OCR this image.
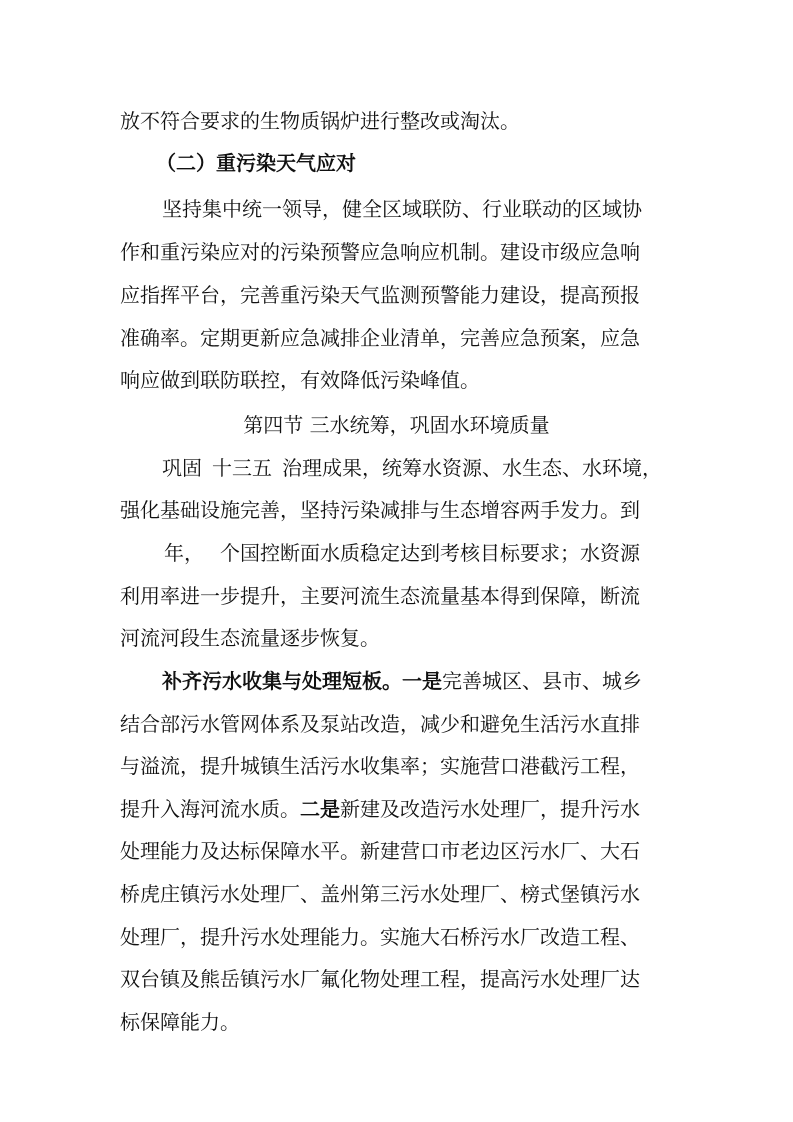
放不符合要求的生物质锅炉进行整改或淘汰。
（二）重污染天气应对
坚持集中统一领导，健全区域联防、行业联动的区域协
作和重污染应对的污染预警应急响应机制。建设市级应急响
应指挥平台，完善重污染天气监测预警能力建设，提高预报
准确率。定期更新应急减排企业清单，完善应急预案，应急
响应做到联防联控，有效降低污染峰值。
第四节 三水统筹，巩固水环境质量
巩固 十三五 治理成果，统筹水资源、水生态、水环境，
强化基础设施完善，坚持污染减排与生态增容两手发力。到
年， 个国控断面水质稳定达到考核目标要求；水资源
利用率进一步提升，主要河流生态流量基本得到保障，断流
河流河段生态流量逐步恢复。
补齐污水收集与处理短板。一是完善城区、县市、城乡
结合部污水管网体系及泵站改造，减少和避免生活污水直排
与溢流，提升城镇生活污水收集率；实施营口港截污工程，
提升入海河流水质。二是新建及改造污水处理厂，提升污水
处理能力及达标保障水平。新建营口市老边区污水厂、大石
桥虎庄镇污水处理厂、盖州第三污水处理厂、榜式堡镇污水
处理厂，提升污水处理能力。实施大石桥污水厂改造工程、
双台镇及熊岳镇污水厂氟化物处理工程，提高污水处理厂达
标保障能力。
